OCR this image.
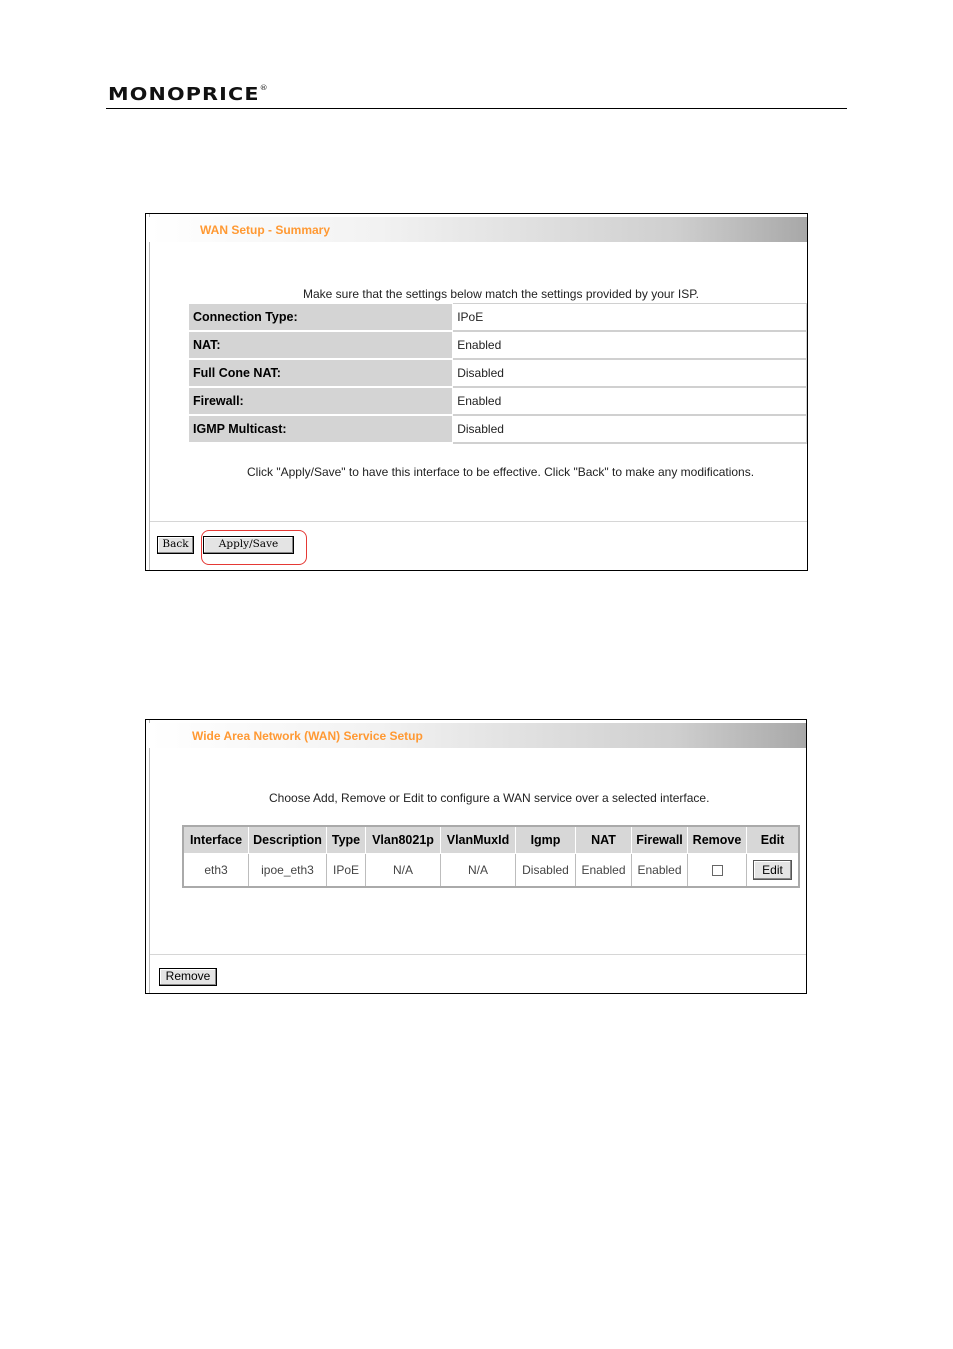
MONOPRICE®
WAN Setup - Summary
Make sure that the settings below match the settings provided by your ISP.
Connection Type:	IPoE
NAT:	Enabled
Full Cone NAT:	Disabled
Firewall:	Enabled
IGMP Multicast:	Disabled
Click "Apply/Save" to have this interface to be effective. Click "Back" to make any modifications.
Back	Apply/Save
Wide Area Network (WAN) Service Setup
Choose Add, Remove or Edit to configure a WAN service over a selected interface.
Interface	Description	Type	Vlan8021p	VlanMuxId	Igmp	NAT	Firewall	Remove	Edit
eth3	ipoe_eth3	IPoE	N/A	N/A	Disabled	Enabled	Enabled		Edit
Remove
